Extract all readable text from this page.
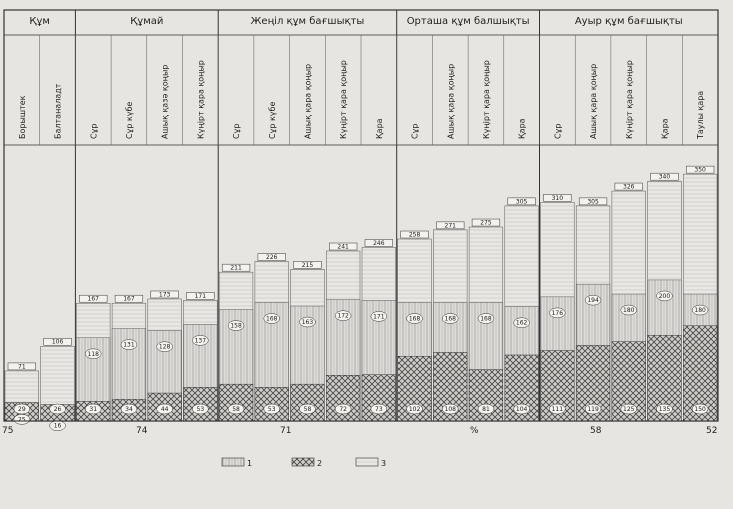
Құм	Құмай	Жеңіл құм бағшықты	Орташа құм балшықты	Ауыр құм бағшықты
Борыштек	Балтаналадт	Сұр	Сұр күбе	Ашық қазә қоңыр	Күңірт қара қоңыр	Сұр	Сұр күбе	Ашық қара қоңыр	Күңірт қара қоңыр	Қара	Сұр	Ашық қара қоңыр	Күңірт қара қоңыр	Қара	Сұр	Ашық қара қоңыр	Күңірт қара қоңыр	Қара	Таулы қара
71
25
29
106
16
26
167
118
31
167
131
34
173
128
44
171
137
53
211
158
58
226
168
53
215
163
58
241
172
72
246
171
73
258
168
102
271
168
108
275
168
81
305
162
104
310
176
111
305
194
119
326
180
125
340
200
135
350
180
150
75	74	71	%	58	52
1	2	3
